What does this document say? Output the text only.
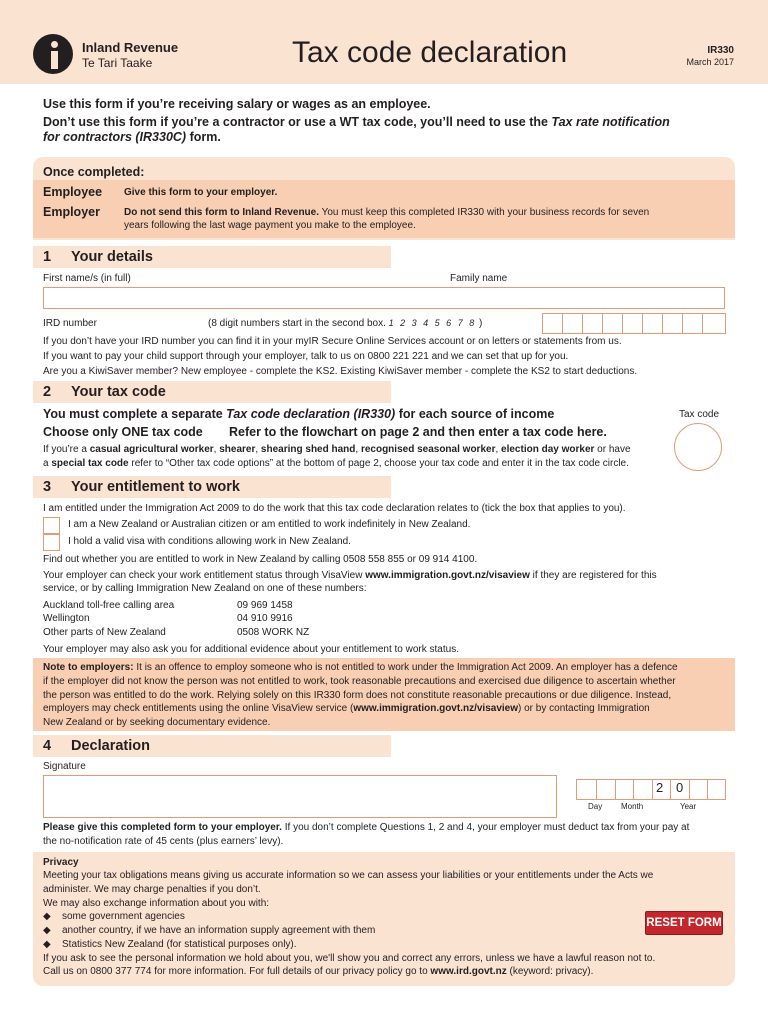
Inland Revenue
Te Tari Taake	Tax code declaration	IR330
March 2017
Use this form if you’re receiving salary or wages as an employee.
Don’t use this form if you’re a contractor or use a WT tax code, you’ll need to use the Tax rate notification
for contractors (IR330C) form.
Once completed:
Employee Give this form to your employer.
Employer Do not send this form to Inland Revenue. You must keep this completed IR330 with your business records for seven
years following the last wage payment you make to the employee.
1 Your details
First name/s (in full)	Family name
IRD number	(8 digit numbers start in the second box. 1 2 3 4 5 6 7 8 )
If you don’t have your IRD number you can find it in your myIR Secure Online Services account or on letters or statements from us.
If you want to pay your child support through your employer, talk to us on 0800 221 221 and we can set that up for you.
Are you a KiwiSaver member? New employee - complete the KS2. Existing KiwiSaver member - complete the KS2 to start deductions.
2 Your tax code
You must complete a separate Tax code declaration (IR330) for each source of income
Choose only ONE tax code Refer to the flowchart on page 2 and then enter a tax code here.
Tax code
If you’re a casual agricultural worker, shearer, shearing shed hand, recognised seasonal worker, election day worker or have
a special tax code refer to “Other tax code options” at the bottom of page 2, choose your tax code and enter it in the tax code circle.
3 Your entitlement to work
I am entitled under the Immigration Act 2009 to do the work that this tax code declaration relates to (tick the box that applies to you).
I am a New Zealand or Australian citizen or am entitled to work indefinitely in New Zealand.
I hold a valid visa with conditions allowing work in New Zealand.
Find out whether you are entitled to work in New Zealand by calling 0508 558 855 or 09 914 4100.
Your employer can check your work entitlement status through VisaView www.immigration.govt.nz/visaview if they are registered for this
service, or by calling Immigration New Zealand on one of these numbers:
Auckland toll-free calling area	09 969 1458
Wellington	04 910 9916
Other parts of New Zealand	0508 WORK NZ
Your employer may also ask you for additional evidence about your entitlement to work status.
Note to employers: It is an offence to employ someone who is not entitled to work under the Immigration Act 2009. An employer has a defence
if the employer did not know the person was not entitled to work, took reasonable precautions and exercised due diligence to ascertain whether
the person was entitled to do the work. Relying solely on this IR330 form does not constitute reasonable precautions or due diligence. Instead,
employers may check entitlements using the online VisaView service (www.immigration.govt.nz/visaview) or by contacting Immigration
New Zealand or by seeking documentary evidence.
4 Declaration
Signature
2 0
Day Month	Year
Please give this completed form to your employer. If you don’t complete Questions 1, 2 and 4, your employer must deduct tax from your pay at
the no-notification rate of 45 cents (plus earners’ levy).
Privacy
Meeting your tax obligations means giving us accurate information so we can assess your liabilities or your entitlements under the Acts we
administer. We may charge penalties if you don’t.
We may also exchange information about you with:
◆ some government agencies
◆ another country, if we have an information supply agreement with them
◆ Statistics New Zealand (for statistical purposes only).
If you ask to see the personal information we hold about you, we'll show you and correct any errors, unless we have a lawful reason not to.
Call us on 0800 377 774 for more information. For full details of our privacy policy go to www.ird.govt.nz (keyword: privacy).
RESET FORM
